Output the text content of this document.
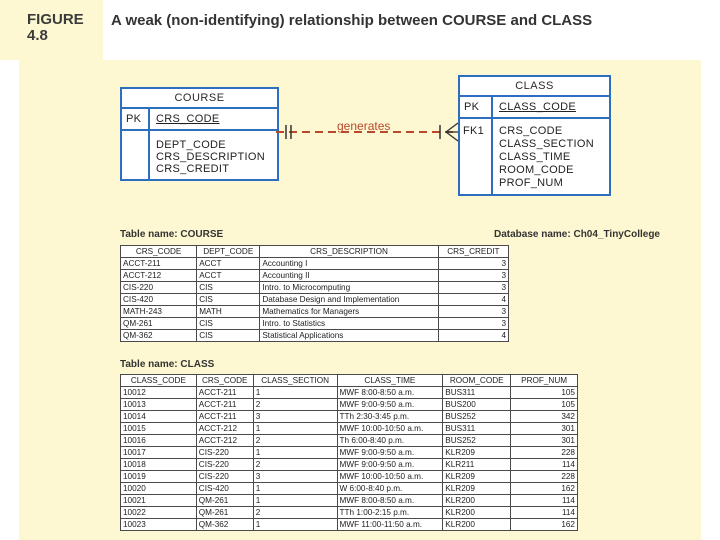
FIGURE
4.8
A weak (non-identifying) relationship between COURSE and CLASS
COURSE
PK CRS_CODE
DEPT_CODE
CRS_DESCRIPTION
CRS_CREDIT
CLASS
PK CLASS_CODE
FK1 CRS_CODE
CLASS_SECTION
CLASS_TIME
ROOM_CODE
PROF_NUM
generates
Table name: COURSE	Database name: Ch04_TinyCollege
CRS_CODE	DEPT_CODE	CRS_DESCRIPTION	CRS_CREDIT
ACCT-211	ACCT	Accounting I	3
ACCT-212	ACCT	Accounting II	3
CIS-220	CIS	Intro. to Microcomputing	3
CIS-420	CIS	Database Design and Implementation	4
MATH-243	MATH	Mathematics for Managers	3
QM-261	CIS	Intro. to Statistics	3
QM-362	CIS	Statistical Applications	4
Table name: CLASS
CLASS_CODE	CRS_CODE	CLASS_SECTION	CLASS_TIME	ROOM_CODE	PROF_NUM
10012	ACCT-211	1	MWF 8:00-8:50 a.m.	BUS311	105
10013	ACCT-211	2	MWF 9:00-9:50 a.m.	BUS200	105
10014	ACCT-211	3	TTh 2:30-3:45 p.m.	BUS252	342
10015	ACCT-212	1	MWF 10:00-10:50 a.m.	BUS311	301
10016	ACCT-212	2	Th 6:00-8:40 p.m.	BUS252	301
10017	CIS-220	1	MWF 9:00-9:50 a.m.	KLR209	228
10018	CIS-220	2	MWF 9:00-9:50 a.m.	KLR211	114
10019	CIS-220	3	MWF 10:00-10:50 a.m.	KLR209	228
10020	CIS-420	1	W 6:00-8:40 p.m.	KLR209	162
10021	QM-261	1	MWF 8:00-8:50 a.m.	KLR200	114
10022	QM-261	2	TTh 1:00-2:15 p.m.	KLR200	114
10023	QM-362	1	MWF 11:00-11:50 a.m.	KLR200	162
